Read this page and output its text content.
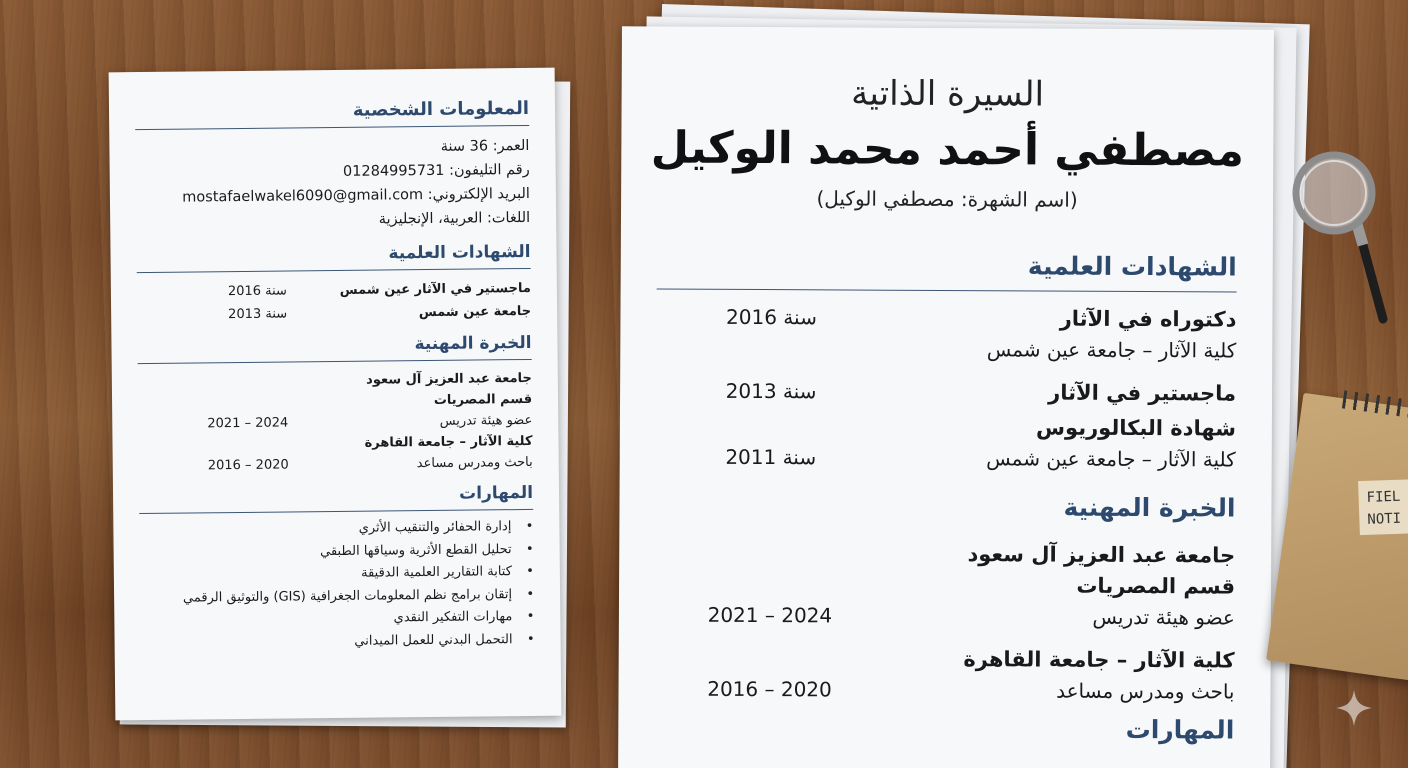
المعلومات الشخصية
العمر: 36 سنة
رقم التليفون: 01284995731
البريد الإلكتروني: mostafaelwakel6090@gmail.com
اللغات: العربية، الإنجليزية
الشهادات العلمية
ماجستير في الآثار عين شمس
سنة 2016
جامعة عين شمس
سنة 2013
الخبرة المهنية
جامعة عبد العزيز آل سعود
قسم المصريات
عضو هيئة تدريس
2024 – 2021
كلية الآثار – جامعة القاهرة
باحث ومدرس مساعد
2020 – 2016
المهارات
• إدارة الحفائر والتنقيب الأثري
• تحليل القطع الأثرية وسياقها الطبقي
• كتابة التقارير العلمية الدقيقة
• إتقان برامج نظم المعلومات الجغرافية (GIS) والتوثيق الرقمي
• مهارات التفكير النقدي
• التحمل البدني للعمل الميداني
السيرة الذاتية
مصطفي أحمد محمد الوكيل
(اسم الشهرة: مصطفي الوكيل)
الشهادات العلمية
دكتوراه في الآثار
سنة 2016
كلية الآثار – جامعة عين شمس
ماجستير في الآثار
سنة 2013
شهادة البكالوريوس
كلية الآثار – جامعة عين شمس
سنة 2011
الخبرة المهنية
جامعة عبد العزيز آل سعود
قسم المصريات
عضو هيئة تدريس
2024 – 2021
كلية الآثار – جامعة القاهرة
باحث ومدرس مساعد
2020 – 2016
المهارات
FIEL
NOTI
